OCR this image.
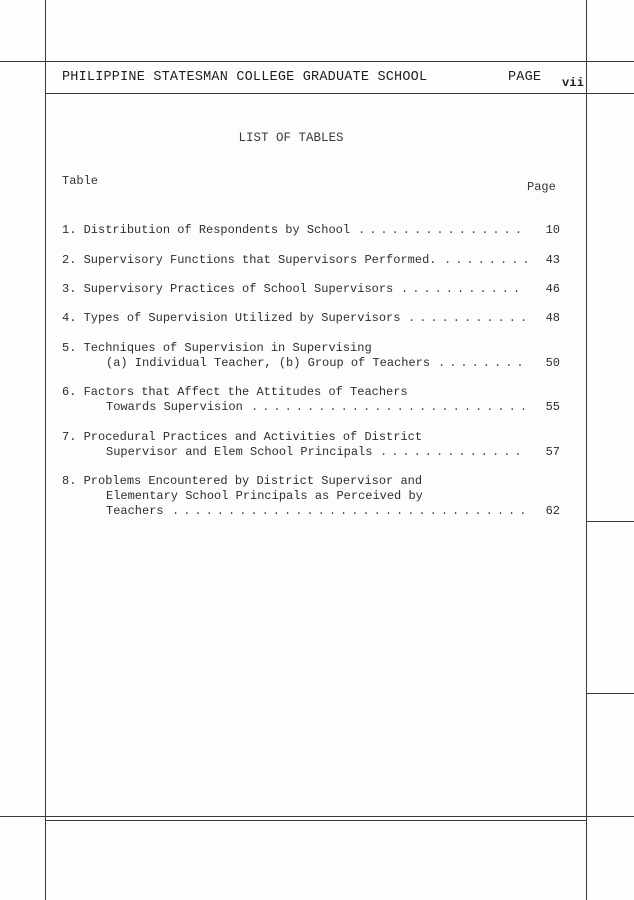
PHILIPPINE STATESMAN COLLEGE GRADUATE SCHOOL	PAGE vii
LIST OF TABLES
Table	Page
1. Distribution of Respondents by School ............... 10
2. Supervisory Functions that Supervisors Performed. ........ 43
3. Supervisory Practices of School Supervisors ........... 46
4. Types of Supervision Utilized by Supervisors ........... 48
5. Techniques of Supervision in Supervising
(a) Individual Teacher, (b) Group of Teachers ........ 50
6. Factors that Affect the Attitudes of Teachers
Towards Supervision ......................... 55
7. Procedural Practices and Activities of District
Supervisor and Elem School Principals ............. 57
8. Problems Encountered by District Supervisor and
Elementary School Principals as Perceived by
Teachers ................................ 62
